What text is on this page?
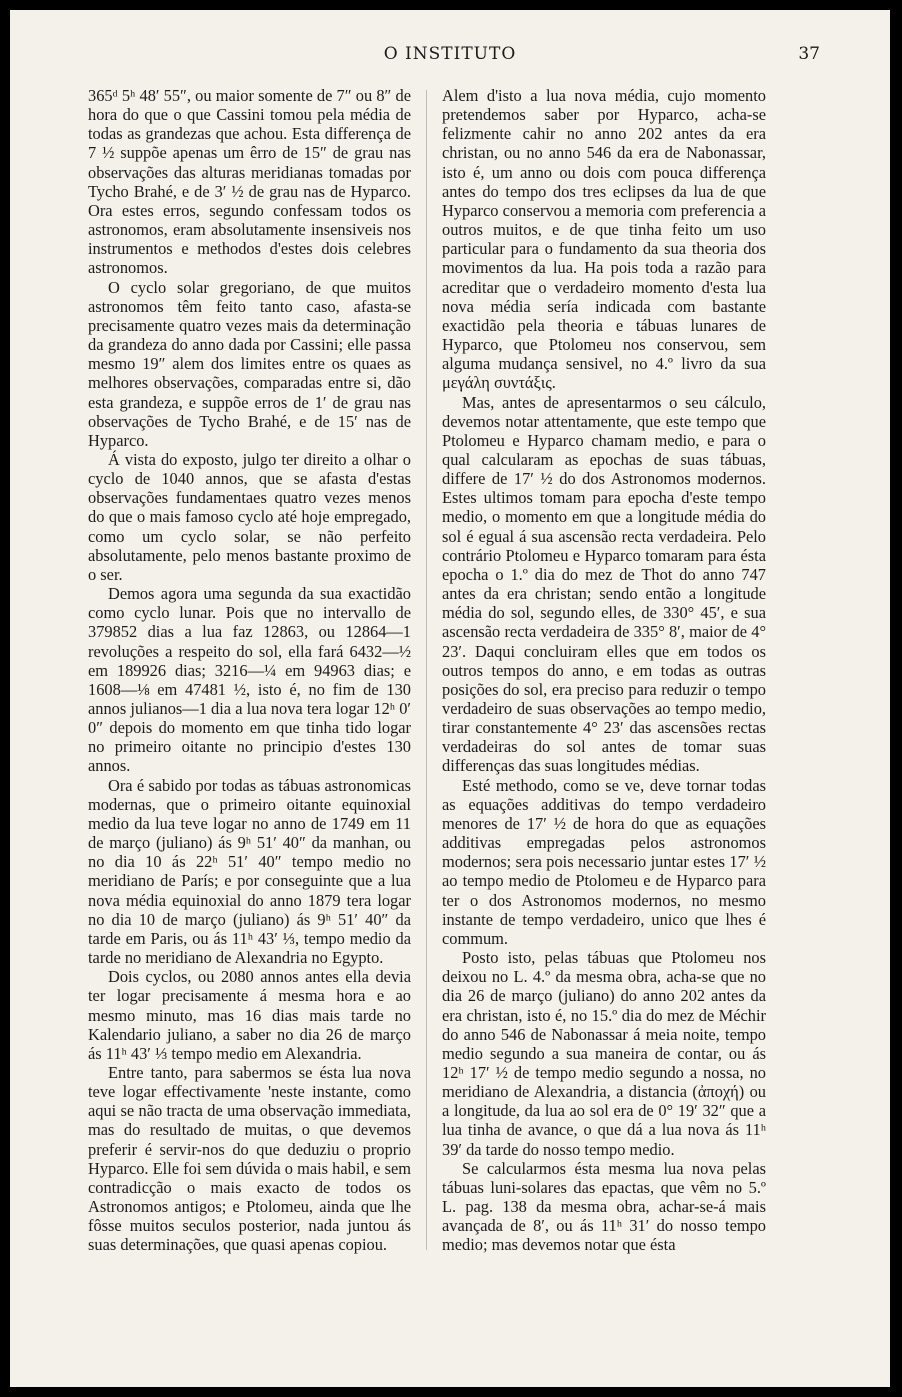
O INSTITUTO	37

365ᵈ 5ʰ 48′ 55″, ou maior somente de 7″ ou 8″ de hora do que o que Cassini tomou pela média de todas as grandezas que achou. Esta differença de 7 ½ suppõe apenas um êrro de 15″ de grau nas observações das alturas meridianas tomadas por Tycho Brahé, e de 3′ ½ de grau nas de Hyparco. Ora estes erros, segundo confessam todos os astronomos, eram absolutamente insensiveis nos instrumentos e methodos d'estes dois celebres astronomos.

O cyclo solar gregoriano, de que muitos astronomos têm feito tanto caso, afasta-se precisamente quatro vezes mais da determinação da grandeza do anno dada por Cassini; elle passa mesmo 19″ alem dos limites entre os quaes as melhores observações, comparadas entre si, dão esta grandeza, e suppõe erros de 1′ de grau nas observações de Tycho Brahé, e de 15′ nas de Hyparco.

Á vista do exposto, julgo ter direito a olhar o cyclo de 1040 annos, que se afasta d'estas observações fundamentaes quatro vezes menos do que o mais famoso cyclo até hoje empregado, como um cyclo solar, se não perfeito absolutamente, pelo menos bastante proximo de o ser.

Demos agora uma segunda da sua exactidão como cyclo lunar. Pois que no intervallo de 379852 dias a lua faz 12863, ou 12864—1 revoluções a respeito do sol, ella fará 6432—½ em 189926 dias; 3216—¼ em 94963 dias; e 1608—⅛ em 47481 ½, isto é, no fim de 130 annos julianos—1 dia a lua nova tera logar 12ʰ 0′ 0″ depois do momento em que tinha tido logar no primeiro oitante no principio d'estes 130 annos.

Ora é sabido por todas as tábuas astronomicas modernas, que o primeiro oitante equinoxial medio da lua teve logar no anno de 1749 em 11 de março (juliano) ás 9ʰ 51′ 40″ da manhan, ou no dia 10 ás 22ʰ 51′ 40″ tempo medio no meridiano de París; e por conseguinte que a lua nova média equinoxial do anno 1879 tera logar no dia 10 de março (juliano) ás 9ʰ 51′ 40″ da tarde em Paris, ou ás 11ʰ 43′ ⅓, tempo medio da tarde no meridiano de Alexandria no Egypto.

Dois cyclos, ou 2080 annos antes ella devia ter logar precisamente á mesma hora e ao mesmo minuto, mas 16 dias mais tarde no Kalendario juliano, a saber no dia 26 de março ás 11ʰ 43′ ⅓ tempo medio em Alexandria.

Entre tanto, para sabermos se ésta lua nova teve logar effectivamente 'neste instante, como aqui se não tracta de uma observação immediata, mas do resultado de muitas, o que devemos preferir é servir-nos do que deduziu o proprio Hyparco. Elle foi sem dúvida o mais habil, e sem contradicção o mais exacto de todos os Astronomos antigos; e Ptolomeu, ainda que lhe fôsse muitos seculos posterior, nada juntou ás suas determinações, que quasi apenas copiou.

Alem d'isto a lua nova média, cujo momento pretendemos saber por Hyparco, acha-se felizmente cahir no anno 202 antes da era christan, ou no anno 546 da era de Nabonassar, isto é, um anno ou dois com pouca differença antes do tempo dos tres eclipses da lua de que Hyparco conservou a memoria com preferencia a outros muitos, e de que tinha feito um uso particular para o fundamento da sua theoria dos movimentos da lua. Ha pois toda a razão para acreditar que o verdadeiro momento d'esta lua nova média sería indicada com bastante exactidão pela theoria e tábuas lunares de Hyparco, que Ptolomeu nos conservou, sem alguma mudança sensivel, no 4.º livro da sua μεγάλη συντάξις.

Mas, antes de apresentarmos o seu cálculo, devemos notar attentamente, que este tempo que Ptolomeu e Hyparco chamam medio, e para o qual calcularam as epochas de suas tábuas, differe de 17′ ½ do dos Astronomos modernos. Estes ultimos tomam para epocha d'este tempo medio, o momento em que a longitude média do sol é egual á sua ascensão recta verdadeira. Pelo contrário Ptolomeu e Hyparco tomaram para ésta epocha o 1.º dia do mez de Thot do anno 747 antes da era christan; sendo então a longitude média do sol, segundo elles, de 330° 45′, e sua ascensão recta verdadeira de 335° 8′, maior de 4° 23′. Daqui concluiram elles que em todos os outros tempos do anno, e em todas as outras posições do sol, era preciso para reduzir o tempo verdadeiro de suas observações ao tempo medio, tirar constantemente 4° 23′ das ascensões rectas verdadeiras do sol antes de tomar suas differenças das suas longitudes médias.

Esté methodo, como se ve, deve tornar todas as equações additivas do tempo verdadeiro menores de 17′ ½ de hora do que as equações additivas empregadas pelos astronomos modernos; sera pois necessario juntar estes 17′ ½ ao tempo medio de Ptolomeu e de Hyparco para ter o dos Astronomos modernos, no mesmo instante de tempo verdadeiro, unico que lhes é commum.

Posto isto, pelas tábuas que Ptolomeu nos deixou no L. 4.º da mesma obra, acha-se que no dia 26 de março (juliano) do anno 202 antes da era christan, isto é, no 15.º dia do mez de Méchir do anno 546 de Nabonassar á meia noite, tempo medio segundo a sua maneira de contar, ou ás 12ʰ 17′ ½ de tempo medio segundo a nossa, no meridiano de Alexandria, a distancia (ἀποχή) ou a longitude, da lua ao sol era de 0° 19′ 32″ que a lua tinha de avance, o que dá a lua nova ás 11ʰ 39′ da tarde do nosso tempo medio.

Se calcularmos ésta mesma lua nova pelas tábuas luni-solares das epactas, que vêm no 5.º L. pag. 138 da mesma obra, achar-se-á mais avançada de 8′, ou ás 11ʰ 31′ do nosso tempo medio; mas devemos notar que ésta
